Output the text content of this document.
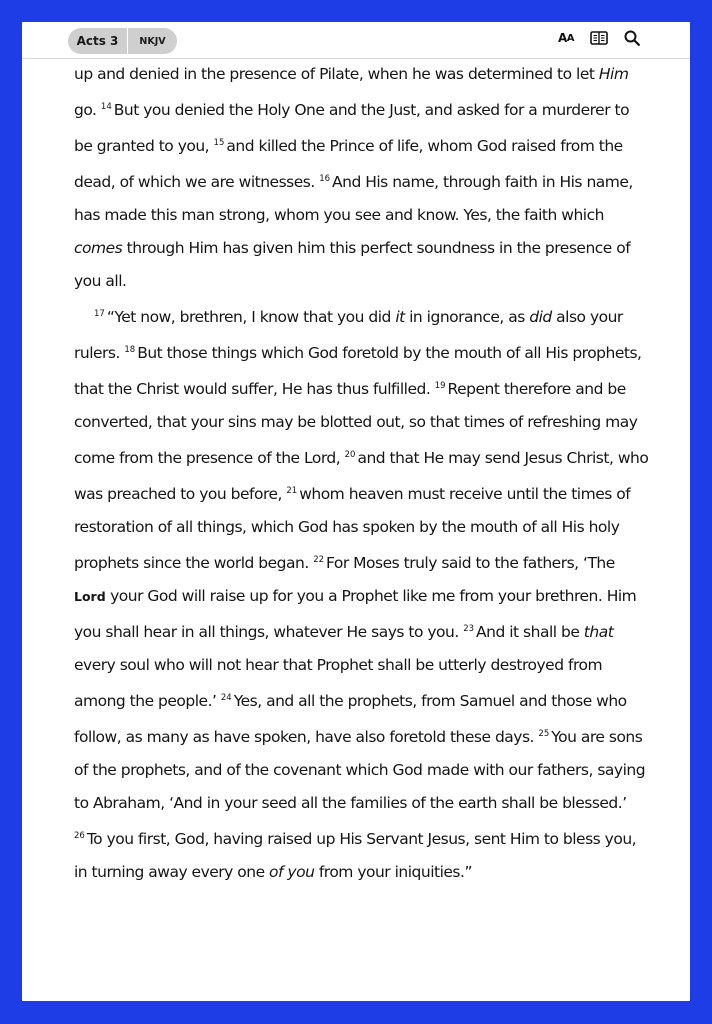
Acts 3	NKJV	A A

up and denied in the presence of Pilate, when he was determined to let Him go. $^{14}$ But you denied the Holy One and the Just, and asked for a murderer to be granted to you, $^{15}$ and killed the Prince of life, whom God raised from the dead, of which we are witnesses. $^{16}$ And His name, through faith in His name, has made this man strong, whom you see and know. Yes, the faith which comes through Him has given him this perfect soundness in the presence of you all.

$^{17}$ “Yet now, brethren, I know that you did it in ignorance, as did also your rulers. $^{18}$ But those things which God foretold by the mouth of all His prophets, that the Christ would suffer, He has thus fulfilled. $^{19}$ Repent therefore and be converted, that your sins may be blotted out, so that times of refreshing may come from the presence of the Lord, $^{20}$ and that He may send Jesus Christ, who was preached to you before, $^{21}$ whom heaven must receive until the times of restoration of all things, which God has spoken by the mouth of all His holy prophets since the world began. $^{22}$ For Moses truly said to the fathers, ‘The Lord your God will raise up for you a Prophet like me from your brethren. Him you shall hear in all things, whatever He says to you. $^{23}$ And it shall be that every soul who will not hear that Prophet shall be utterly destroyed from among the people.’ $^{24}$ Yes, and all the prophets, from Samuel and those who follow, as many as have spoken, have also foretold these days. $^{25}$ You are sons of the prophets, and of the covenant which God made with our fathers, saying to Abraham, ‘And in your seed all the families of the earth shall be blessed.’ $^{26}$ To you first, God, having raised up His Servant Jesus, sent Him to bless you, in turning away every one of you from your iniquities.”
